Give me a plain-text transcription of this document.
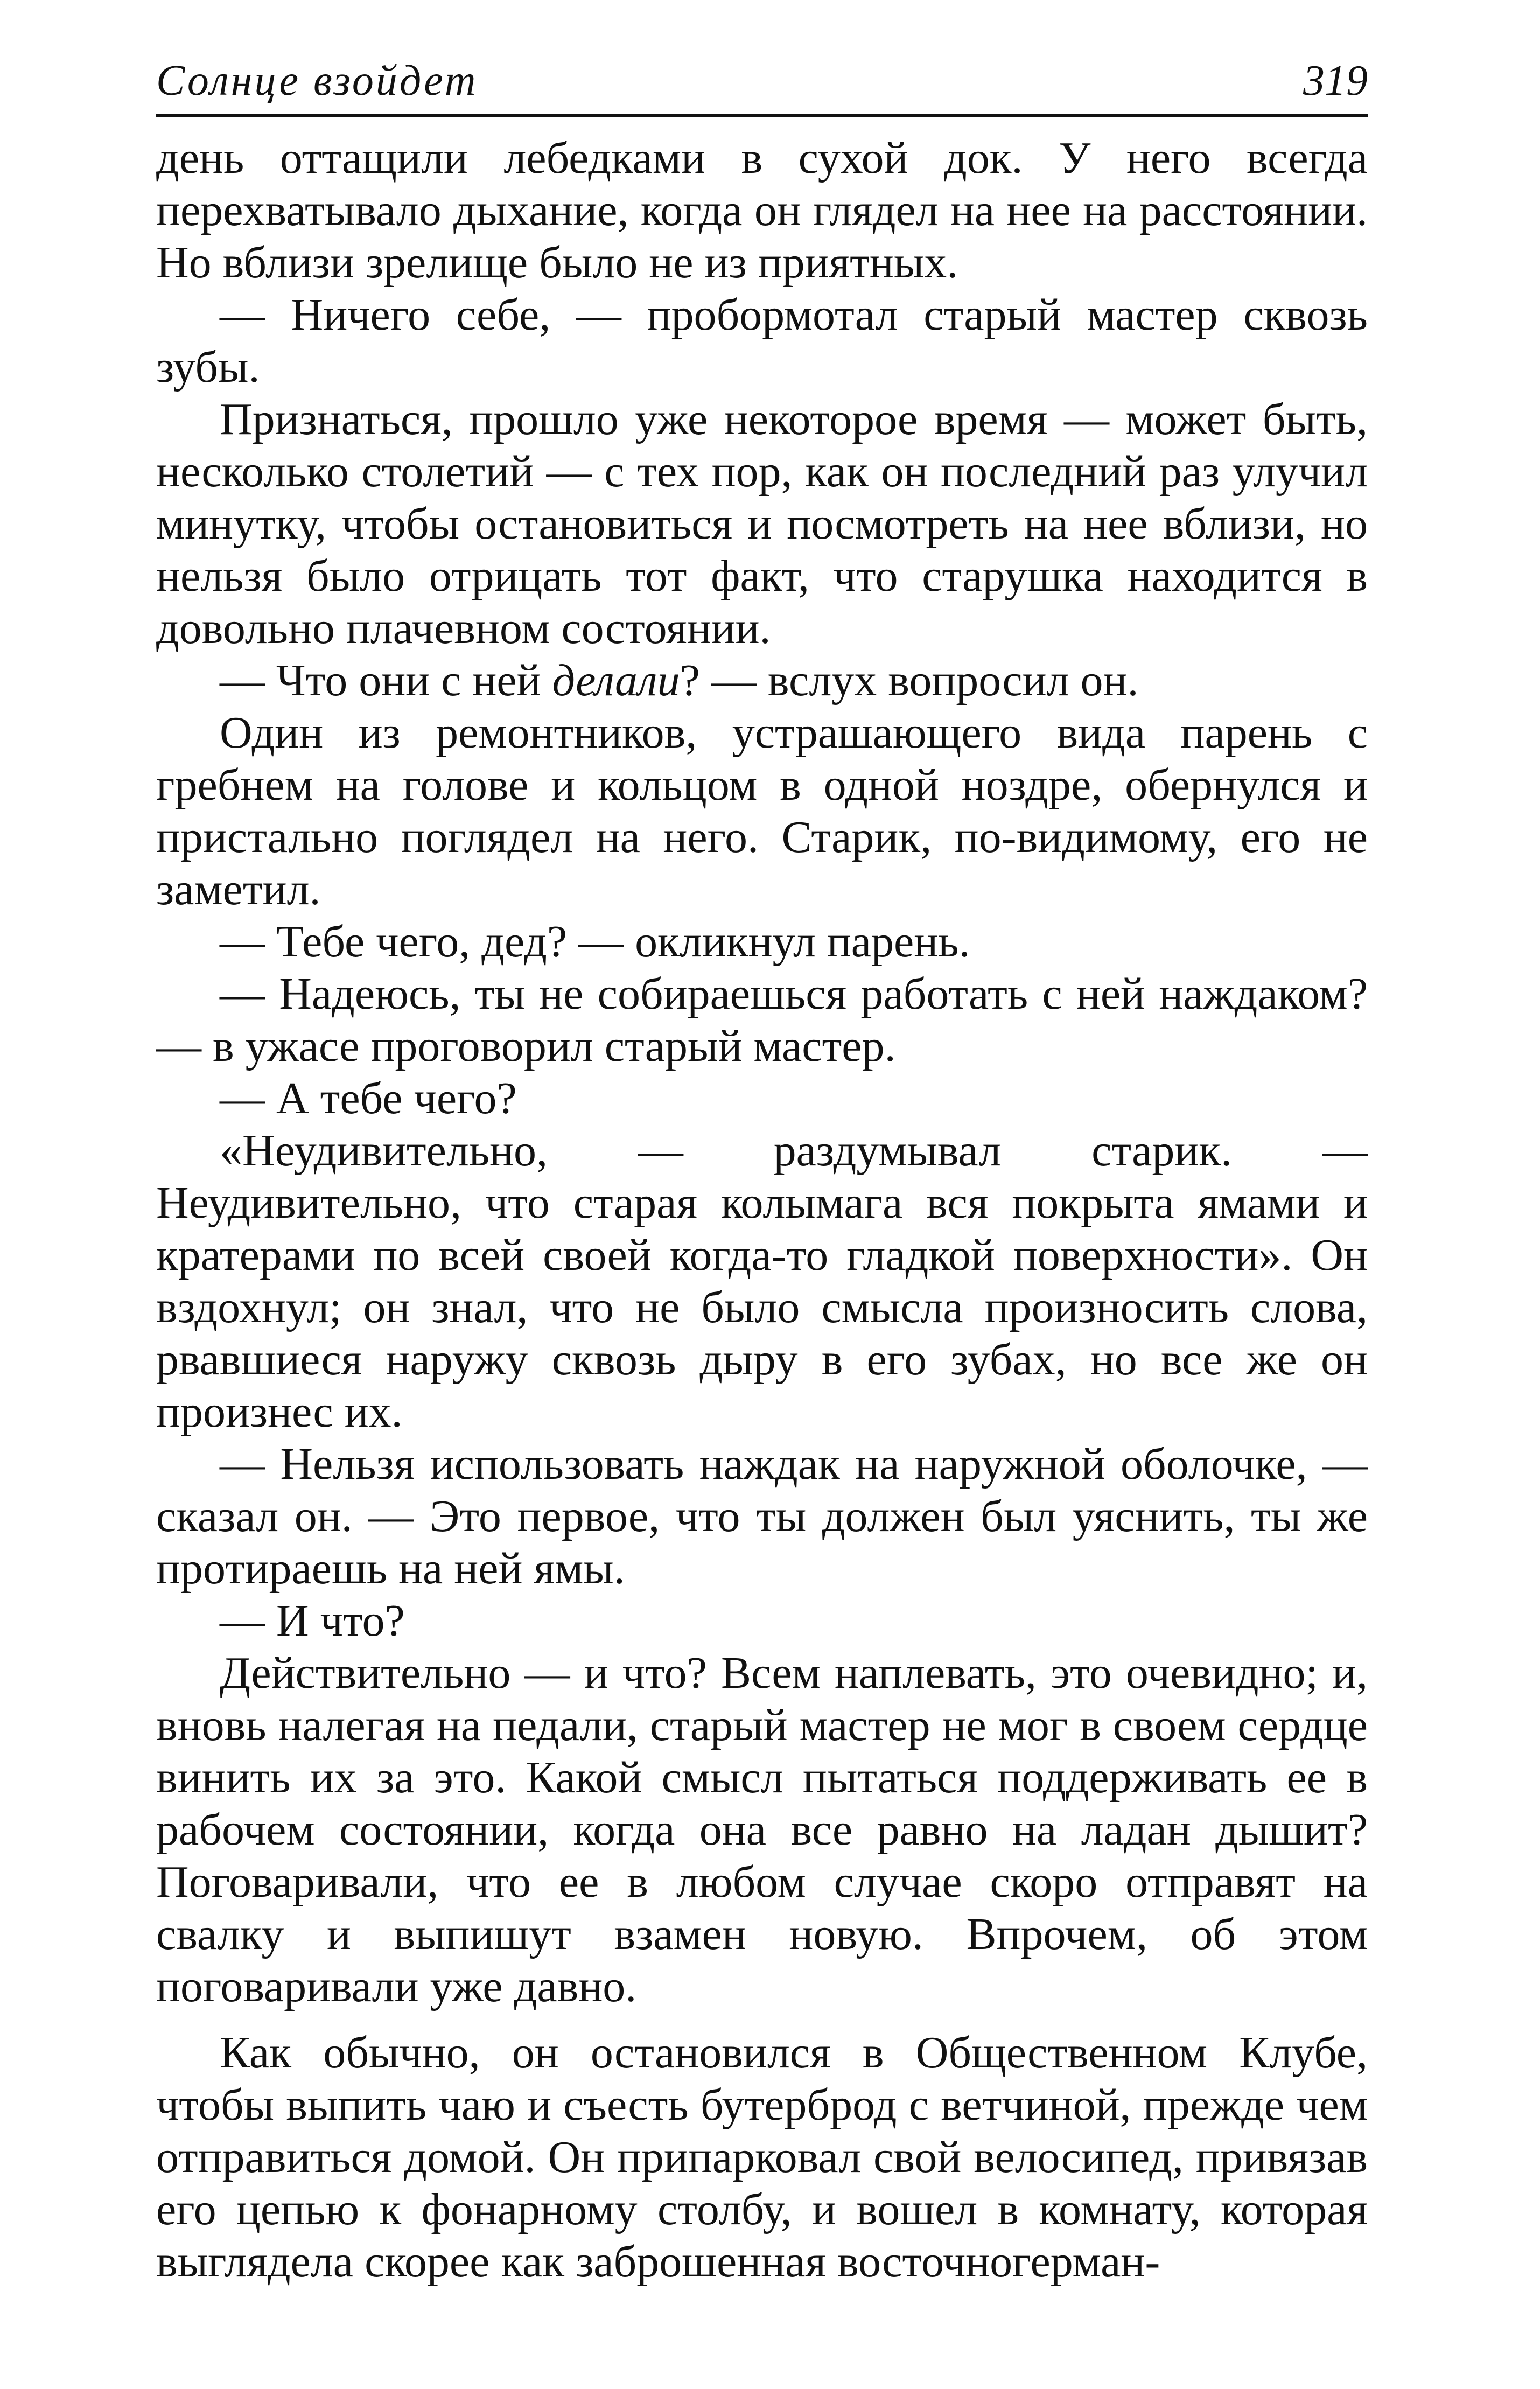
Солнце взойдет	319

день оттащили лебедками в сухой док. У него всегда перехватывало дыхание, когда он глядел на нее на расстоянии. Но вблизи зрелище было не из приятных.

— Ничего себе, — пробормотал старый мастер сквозь зубы.

Признаться, прошло уже некоторое время — может быть, несколько столетий — с тех пор, как он последний раз улучил минутку, чтобы остановиться и посмотреть на нее вблизи, но нельзя было отрицать тот факт, что старушка находится в довольно плачевном состоянии.

— Что они с ней делали? — вслух вопросил он.

Один из ремонтников, устрашающего вида парень с гребнем на голове и кольцом в одной ноздре, обернулся и пристально поглядел на него. Старик, по-видимому, его не заметил.

— Тебе чего, дед? — окликнул парень.

— Надеюсь, ты не собираешься работать с ней наждаком? — в ужасе проговорил старый мастер.

— А тебе чего?

«Неудивительно, — раздумывал старик. — Неудивительно, что старая колымага вся покрыта ямами и кратерами по всей своей когда-то гладкой поверхности». Он вздохнул; он знал, что не было смысла произносить слова, рвавшиеся наружу сквозь дыру в его зубах, но все же он произнес их.

— Нельзя использовать наждак на наружной оболочке, — сказал он. — Это первое, что ты должен был уяснить, ты же протираешь на ней ямы.

— И что?

Действительно — и что? Всем наплевать, это очевидно; и, вновь налегая на педали, старый мастер не мог в своем сердце винить их за это. Какой смысл пытаться поддерживать ее в рабочем состоянии, когда она все равно на ладан дышит? Поговаривали, что ее в любом случае скоро отправят на свалку и выпишут взамен новую. Впрочем, об этом поговаривали уже давно.

Как обычно, он остановился в Общественном Клубе, чтобы выпить чаю и съесть бутерброд с ветчиной, прежде чем отправиться домой. Он припарковал свой велосипед, привязав его цепью к фонарному столбу, и вошел в комнату, которая выглядела скорее как заброшенная восточногерман-
